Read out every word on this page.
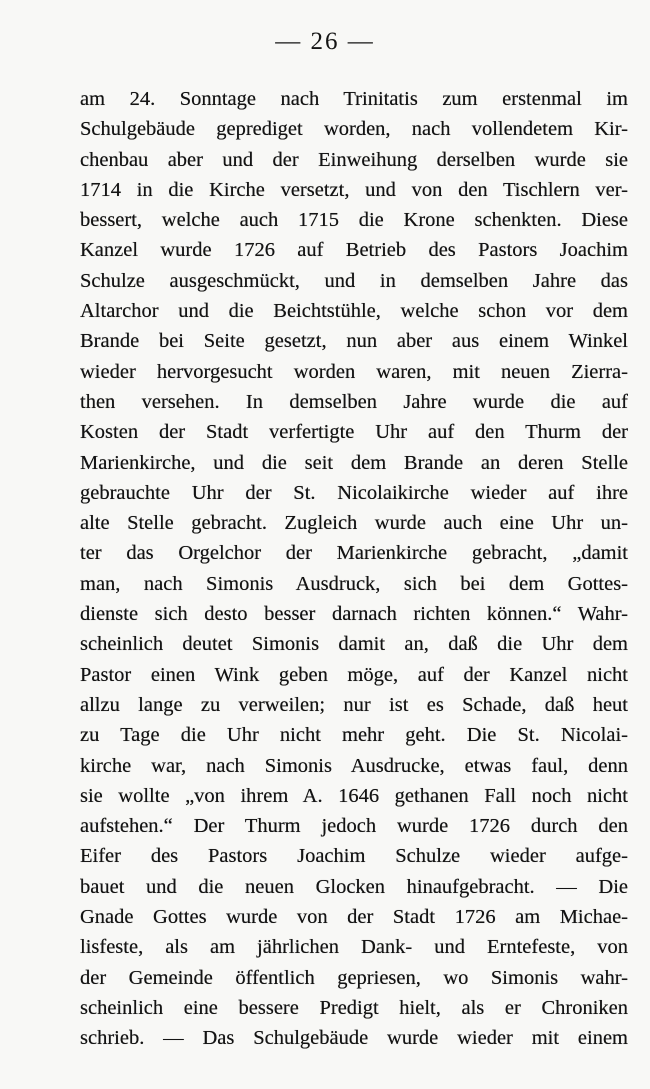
— 26 —
am 24. Sonntage nach Trinitatis zum erstenmal im
Schulgebäude geprediget worden, nach vollendetem Kir-
chenbau aber und der Einweihung derselben wurde sie
1714 in die Kirche versetzt, und von den Tischlern ver-
bessert, welche auch 1715 die Krone schenkten. Diese
Kanzel wurde 1726 auf Betrieb des Pastors Joachim
Schulze ausgeschmückt, und in demselben Jahre das
Altarchor und die Beichtstühle, welche schon vor dem
Brande bei Seite gesetzt, nun aber aus einem Winkel
wieder hervorgesucht worden waren, mit neuen Zierra-
then versehen. In demselben Jahre wurde die auf
Kosten der Stadt verfertigte Uhr auf den Thurm der
Marienkirche, und die seit dem Brande an deren Stelle
gebrauchte Uhr der St. Nicolaikirche wieder auf ihre
alte Stelle gebracht. Zugleich wurde auch eine Uhr un-
ter das Orgelchor der Marienkirche gebracht, „damit
man, nach Simonis Ausdruck, sich bei dem Gottes-
dienste sich desto besser darnach richten können.“ Wahr-
scheinlich deutet Simonis damit an, daß die Uhr dem
Pastor einen Wink geben möge, auf der Kanzel nicht
allzu lange zu verweilen; nur ist es Schade, daß heut
zu Tage die Uhr nicht mehr geht. Die St. Nicolai-
kirche war, nach Simonis Ausdrucke, etwas faul, denn
sie wollte „von ihrem A. 1646 gethanen Fall noch nicht
aufstehen.“ Der Thurm jedoch wurde 1726 durch den
Eifer des Pastors Joachim Schulze wieder aufge-
bauet und die neuen Glocken hinaufgebracht. — Die
Gnade Gottes wurde von der Stadt 1726 am Michae-
lisfeste, als am jährlichen Dank- und Erntefeste, von
der Gemeinde öffentlich gepriesen, wo Simonis wahr-
scheinlich eine bessere Predigt hielt, als er Chroniken
schrieb. — Das Schulgebäude wurde wieder mit einem
